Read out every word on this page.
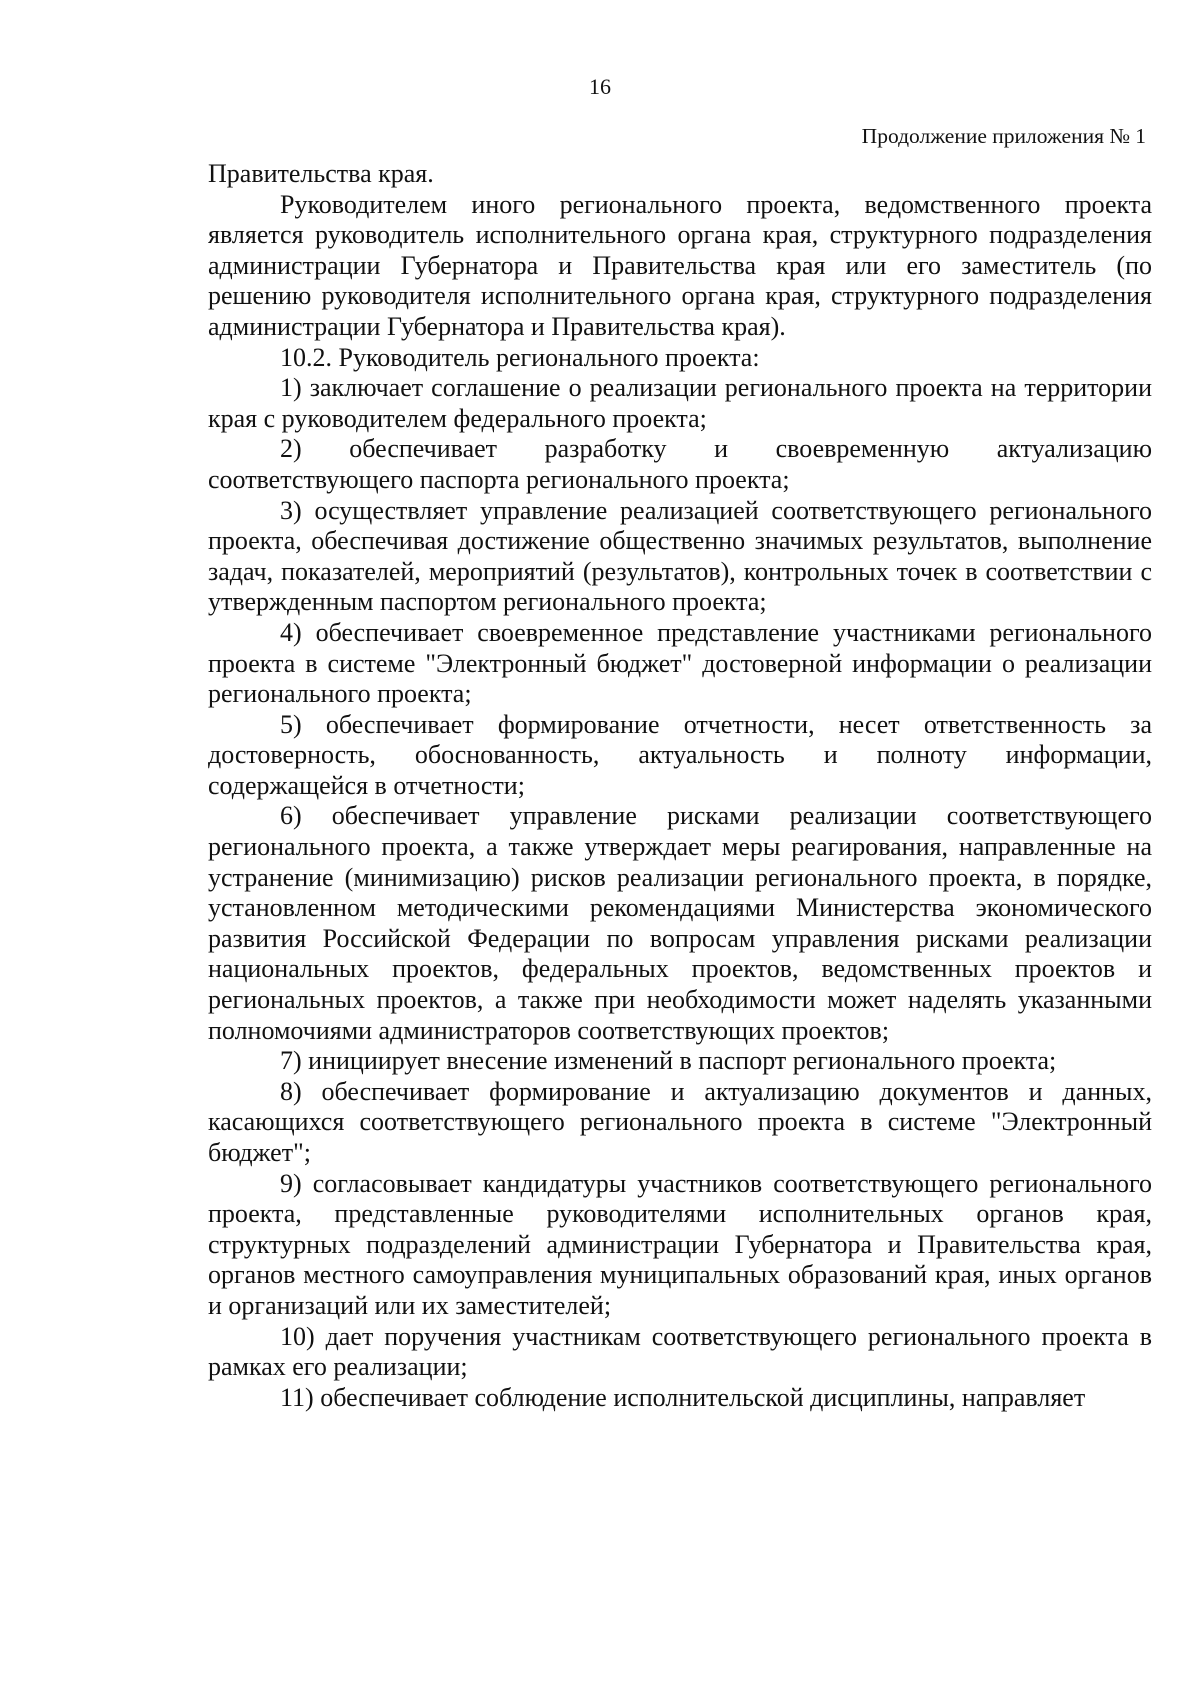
16
Продолжение приложения № 1

Правительства края.

Руководителем иного регионального проекта, ведомственного проекта является руководитель исполнительного органа края, структурного подразделения администрации Губернатора и Правительства края или его заместитель (по решению руководителя исполнительного органа края, структурного подразделения администрации Губернатора и Правительства края).

10.2. Руководитель регионального проекта:

1) заключает соглашение о реализации регионального проекта на территории края с руководителем федерального проекта;

2) обеспечивает разработку и своевременную актуализацию соответствующего паспорта регионального проекта;

3) осуществляет управление реализацией соответствующего регионального проекта, обеспечивая достижение общественно значимых результатов, выполнение задач, показателей, мероприятий (результатов), контрольных точек в соответствии с утвержденным паспортом регионального проекта;

4) обеспечивает своевременное представление участниками регионального проекта в системе "Электронный бюджет" достоверной информации о реализации регионального проекта;

5) обеспечивает формирование отчетности, несет ответственность за достоверность, обоснованность, актуальность и полноту информации, содержащейся в отчетности;

6) обеспечивает управление рисками реализации соответствующего регионального проекта, а также утверждает меры реагирования, направленные на устранение (минимизацию) рисков реализации регионального проекта, в порядке, установленном методическими рекомендациями Министерства экономического развития Российской Федерации по вопросам управления рисками реализации национальных проектов, федеральных проектов, ведомственных проектов и региональных проектов, а также при необходимости может наделять указанными полномочиями администраторов соответствующих проектов;

7) инициирует внесение изменений в паспорт регионального проекта;

8) обеспечивает формирование и актуализацию документов и данных, касающихся соответствующего регионального проекта в системе "Электронный бюджет";

9) согласовывает кандидатуры участников соответствующего регионального проекта, представленные руководителями исполнительных органов края, структурных подразделений администрации Губернатора и Правительства края, органов местного самоуправления муниципальных образований края, иных органов и организаций или их заместителей;

10) дает поручения участникам соответствующего регионального проекта в рамках его реализации;

11) обеспечивает соблюдение исполнительской дисциплины, направляет
